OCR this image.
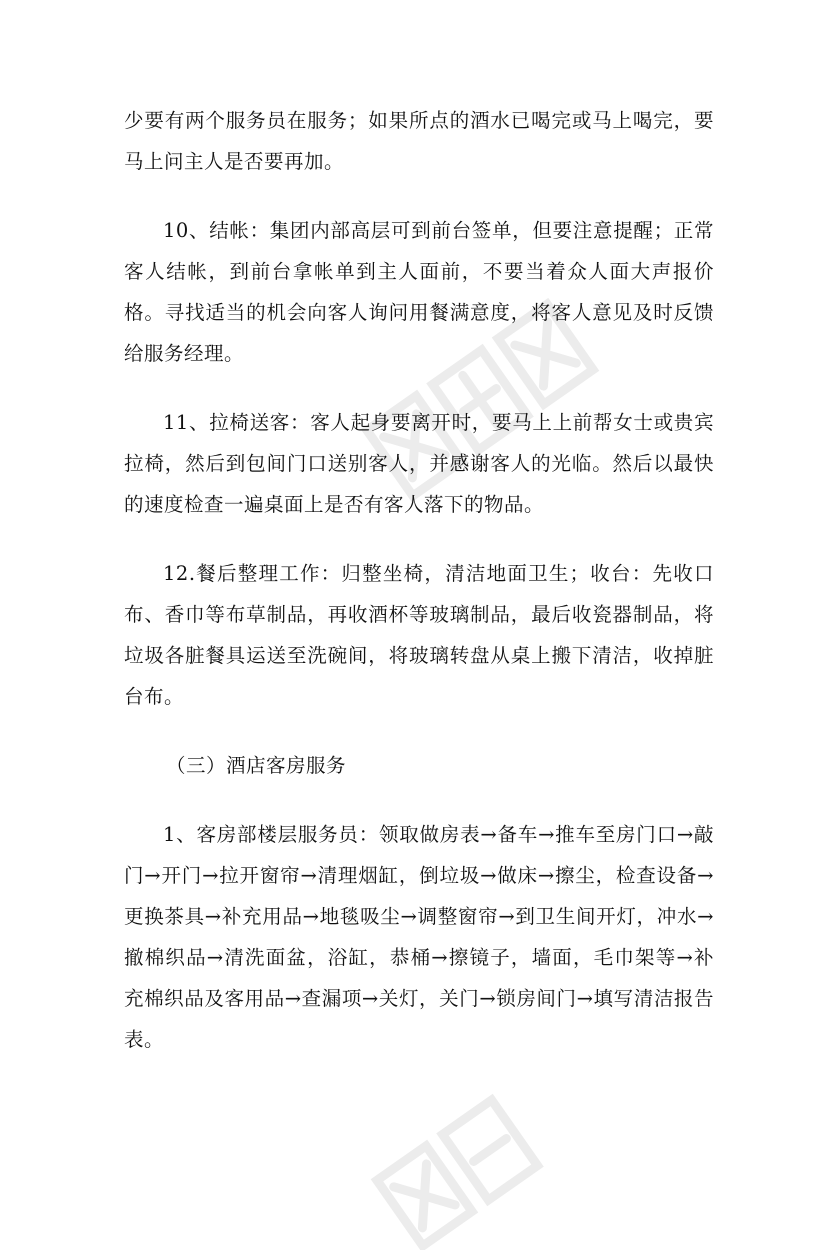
少要有两个服务员在服务；如果所点的酒水已喝完或马上喝完，要马上问主人是否要再加。

10、结帐：集团内部高层可到前台签单，但要注意提醒；正常客人结帐，到前台拿帐单到主人面前，不要当着众人面大声报价格。寻找适当的机会向客人询问用餐满意度，将客人意见及时反馈给服务经理。

11、拉椅送客：客人起身要离开时，要马上上前帮女士或贵宾拉椅，然后到包间门口送别客人，并感谢客人的光临。然后以最快的速度检查一遍桌面上是否有客人落下的物品。

12.餐后整理工作：归整坐椅，清洁地面卫生；收台：先收口布、香巾等布草制品，再收酒杯等玻璃制品，最后收瓷器制品，将垃圾各脏餐具运送至洗碗间，将玻璃转盘从桌上搬下清洁，收掉脏台布。

（三）酒店客房服务

1、客房部楼层服务员：领取做房表→备车→推车至房门口→敲门→开门→拉开窗帘→清理烟缸，倒垃圾→做床→擦尘，检查设备→更换茶具→补充用品→地毯吸尘→调整窗帘→到卫生间开灯，冲水→撤棉织品→清洗面盆，浴缸，恭桶→擦镜子，墙面，毛巾架等→补充棉织品及客用品→查漏项→关灯，关门→锁房间门→填写清洁报告表。
